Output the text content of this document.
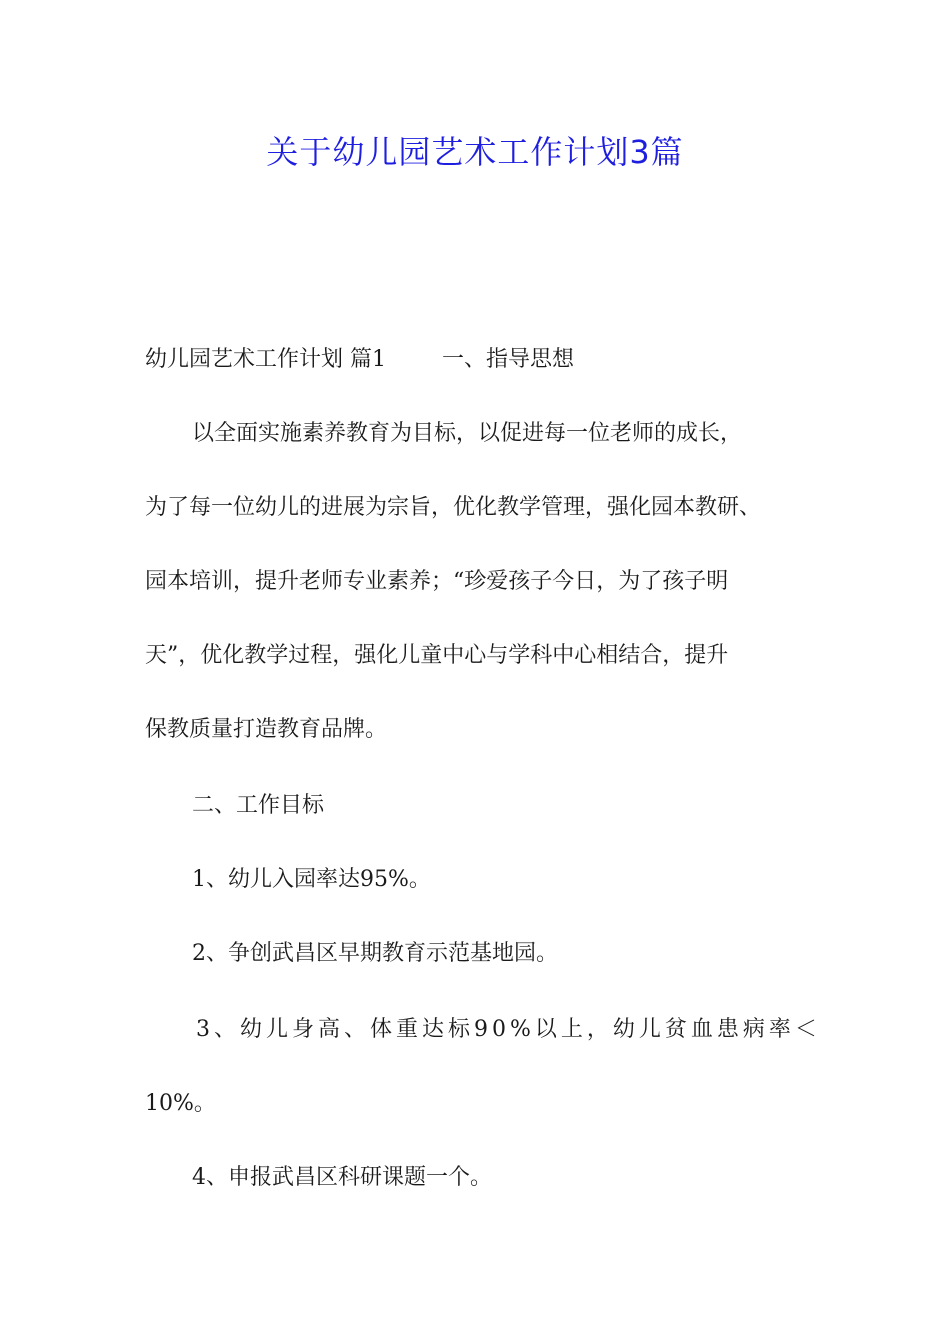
关于幼儿园艺术工作计划3篇
幼儿园艺术工作计划 篇1	一、指导思想
以全面实施素养教育为目标，以促进每一位老师的成长，
为了每一位幼儿的进展为宗旨，优化教学管理，强化园本教研、
园本培训，提升老师专业素养；“珍爱孩子今日，为了孩子明
天”，优化教学过程，强化儿童中心与学科中心相结合，提升
保教质量打造教育品牌。
二、工作目标
1、幼儿入园率达95%。
2、争创武昌区早期教育示范基地园。
3、幼儿身高、体重达标90%以上，幼儿贫血患病率＜
10%。
4、申报武昌区科研课题一个。
